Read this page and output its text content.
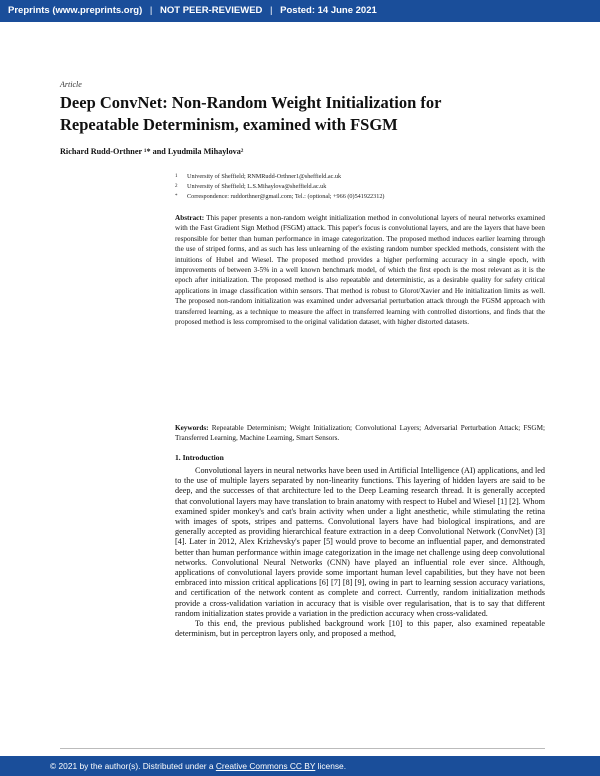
Preprints (www.preprints.org) | NOT PEER-REVIEWED | Posted: 14 June 2021
Article
Deep ConvNet: Non-Random Weight Initialization for Repeatable Determinism, examined with FSGM
Richard Rudd-Orthner ¹* and Lyudmila Mihaylova²
1	University of Sheffield; RNMRudd-Orthner1@sheffield.ac.uk
2	University of Sheffield; L.S.Mihaylova@sheffield.ac.uk
*	Correspondence: ruddorthner@gmail.com; Tel.: (optional; +966 (0)541922312)
Abstract: This paper presents a non-random weight initialization method in convolutional layers of neural networks examined with the Fast Gradient Sign Method (FSGM) attack. This paper's focus is convolutional layers, and are the layers that have been responsible for better than human performance in image categorization. The proposed method induces earlier learning through the use of striped forms, and as such has less unlearning of the existing random number speckled methods, consistent with the intuitions of Hubel and Wiesel. The proposed method provides a higher performing accuracy in a single epoch, with improvements of between 3-5% in a well known benchmark model, of which the first epoch is the most relevant as it is the epoch after initialization. The proposed method is also repeatable and deterministic, as a desirable quality for safety critical applications in image classification within sensors. That method is robust to Glorot/Xavier and He initialization limits as well. The proposed non-random initialization was examined under adversarial perturbation attack through the FGSM approach with transferred learning, as a technique to measure the affect in transferred learning with controlled distortions, and finds that the proposed method is less compromised to the original validation dataset, with higher distorted datasets.
Keywords: Repeatable Determinism; Weight Initialization; Convolutional Layers; Adversarial Perturbation Attack; FSGM; Transferred Learning, Machine Learning, Smart Sensors.
1. Introduction

Convolutional layers in neural networks have been used in Artificial Intelligence (AI) applications, and led to the use of multiple layers separated by non-linearity functions. This layering of hidden layers are said to be deep, and the successes of that architecture led to the Deep Learning research thread. It is generally accepted that convolutional layers may have translation to brain anatomy with respect to Hubel and Wiesel [1] [2]. Whom examined spider monkey's and cat's brain activity when under a light anesthetic, while stimulating the retina with images of spots, stripes and patterns. Convolutional layers have had biological inspirations, and are generally accepted as providing hierarchical feature extraction in a deep Convolutional Network (ConvNet) [3] [4]. Later in 2012, Alex Krizhevsky's paper [5] would prove to become an influential paper, and demonstrated better than human performance within image categorization in the image net challenge using deep convolutional networks. Convolutional Neural Networks (CNN) have played an influential role ever since. Although, applications of convolutional layers provide some important human level capabilities, but they have not been embraced into mission critical applications [6] [7] [8] [9], owing in part to learning session accuracy variations, and certification of the network content as complete and correct. Currently, random initialization methods provide a cross-validation variation in accuracy that is visible over regularisation, that is to say that different random initialization states provide a variation in the prediction accuracy when cross-validated.

To this end, the previous published background work [10] to this paper, also examined repeatable determinism, but in perceptron layers only, and proposed a method,

© 2021 by the author(s). Distributed under a Creative Commons CC BY license.
